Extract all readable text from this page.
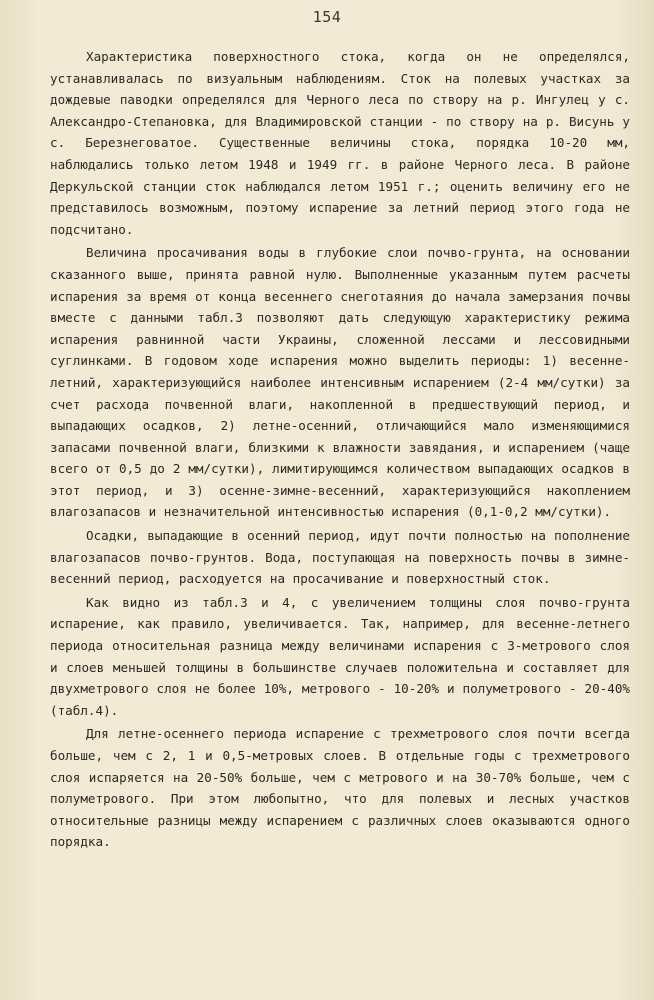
154

Характеристика поверхностного стока, когда он не определялся, устанавливалась по визуальным наблюдениям. Сток на полевых участках за дождевые паводки определялся для Черного леса по створу на р. Ингулец у с. Александро-Степановка, для Владимировской станции - по створу на р. Висунь у с. Березнеговатое. Существенные величины стока, порядка 10-20 мм, наблюдались только летом 1948 и 1949 гг. в районе Черного леса. В районе Деркульской станции сток наблюдался летом 1951 г.; оценить величину его не представилось возможным, поэтому испарение за летний период этого года не подсчитано.

Величина просачивания воды в глубокие слои почво-грунта, на основании сказанного выше, принята равной нулю. Выполненные указанным путем расчеты испарения за время от конца весеннего снеготаяния до начала замерзания почвы вместе с данными табл.3 позволяют дать следующую характеристику режима испарения равнинной части Украины, сложенной лессами и лессовидными суглинками. В годовом ходе испарения можно выделить периоды: 1) весенне-летний, характеризующийся наиболее интенсивным испарением (2-4 мм/сутки) за счет расхода почвенной влаги, накопленной в предшествующий период, и выпадающих осадков, 2) летне-осенний, отличающийся мало изменяющимися запасами почвенной влаги, близкими к влажности завядания, и испарением (чаще всего от 0,5 до 2 мм/сутки), лимитирующимся количеством выпадающих осадков в этот период, и 3) осенне-зимне-весенний, характеризующийся накоплением влагозапасов и незначительной интенсивностью испарения (0,1-0,2 мм/сутки).

Осадки, выпадающие в осенний период, идут почти полностью на пополнение влагозапасов почво-грунтов. Вода, поступающая на поверхность почвы в зимне-весенний период, расходуется на просачивание и поверхностный сток.

Как видно из табл.3 и 4, с увеличением толщины слоя почво-грунта испарение, как правило, увеличивается. Так, например, для весенне-летнего периода относительная разница между величинами испарения с 3-метрового слоя и слоев меньшей толщины в большинстве случаев положительна и составляет для двухметрового слоя не более 10%, метрового - 10-20% и полуметрового - 20-40% (табл.4).

Для летне-осеннего периода испарение с трехметрового слоя почти всегда больше, чем с 2, 1 и 0,5-метровых слоев. В отдельные годы с трехметрового слоя испаряется на 20-50% больше, чем с метрового и на 30-70% больше, чем с полуметрового. При этом любопытно, что для полевых и лесных участков относительные разницы между испарением с различных слоев оказываются одного порядка.
